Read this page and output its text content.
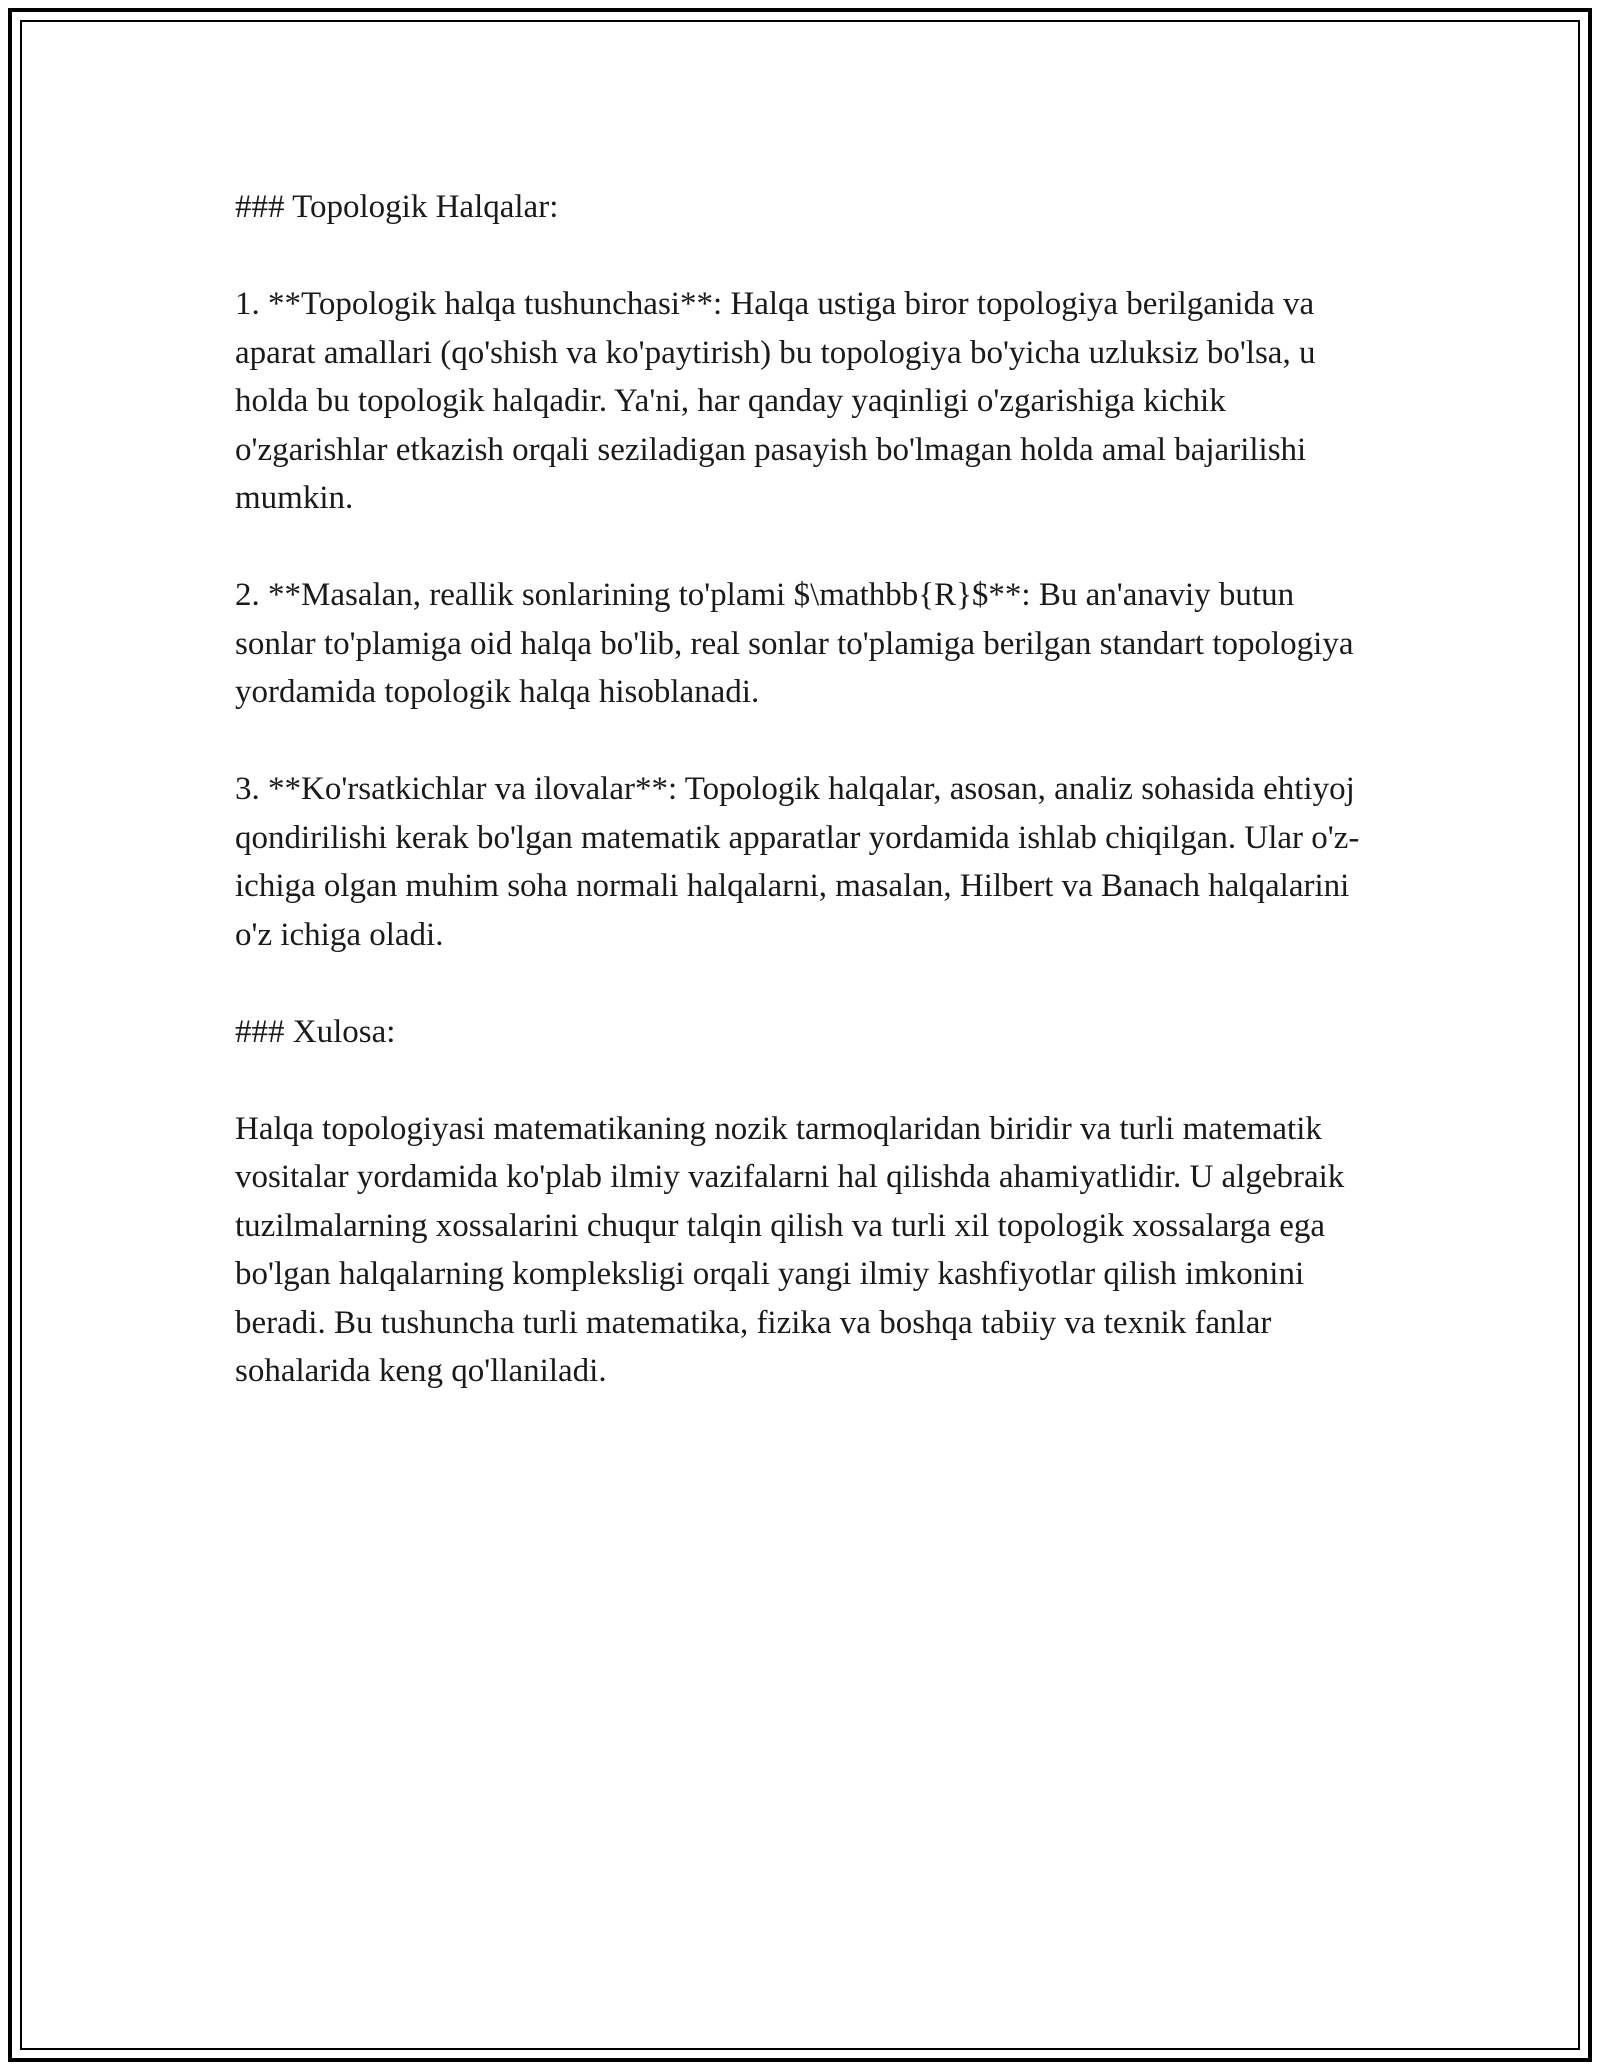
### Topologik Halqalar:

1. **Topologik halqa tushunchasi**: Halqa ustiga biror topologiya berilganida va aparat amallari (qo'shish va ko'paytirish) bu topologiya bo'yicha uzluksiz bo'lsa, u holda bu topologik halqadir. Ya'ni, har qanday yaqinligi o'zgarishiga kichik o'zgarishlar etkazish orqali seziladigan pasayish bo'lmagan holda amal bajarilishi mumkin.

2. **Masalan, reallik sonlarining to'plami $\mathbb{R}$**: Bu an'anaviy butun sonlar to'plamiga oid halqa bo'lib, real sonlar to'plamiga berilgan standart topologiya yordamida topologik halqa hisoblanadi.

3. **Ko'rsatkichlar va ilovalar**: Topologik halqalar, asosan, analiz sohasida ehtiyoj qondirilishi kerak bo'lgan matematik apparatlar yordamida ishlab chiqilgan. Ular o'z-ichiga olgan muhim soha normali halqalarni, masalan, Hilbert va Banach halqalarini o'z ichiga oladi.

### Xulosa:

Halqa topologiyasi matematikaning nozik tarmoqlaridan biridir va turli matematik vositalar yordamida ko'plab ilmiy vazifalarni hal qilishda ahamiyatlidir. U algebraik tuzilmalarning xossalarini chuqur talqin qilish va turli xil topologik xossalarga ega bo'lgan halqalarning kompleksligi orqali yangi ilmiy kashfiyotlar qilish imkonini beradi. Bu tushuncha turli matematika, fizika va boshqa tabiiy va texnik fanlar sohalarida keng qo'llaniladi.
